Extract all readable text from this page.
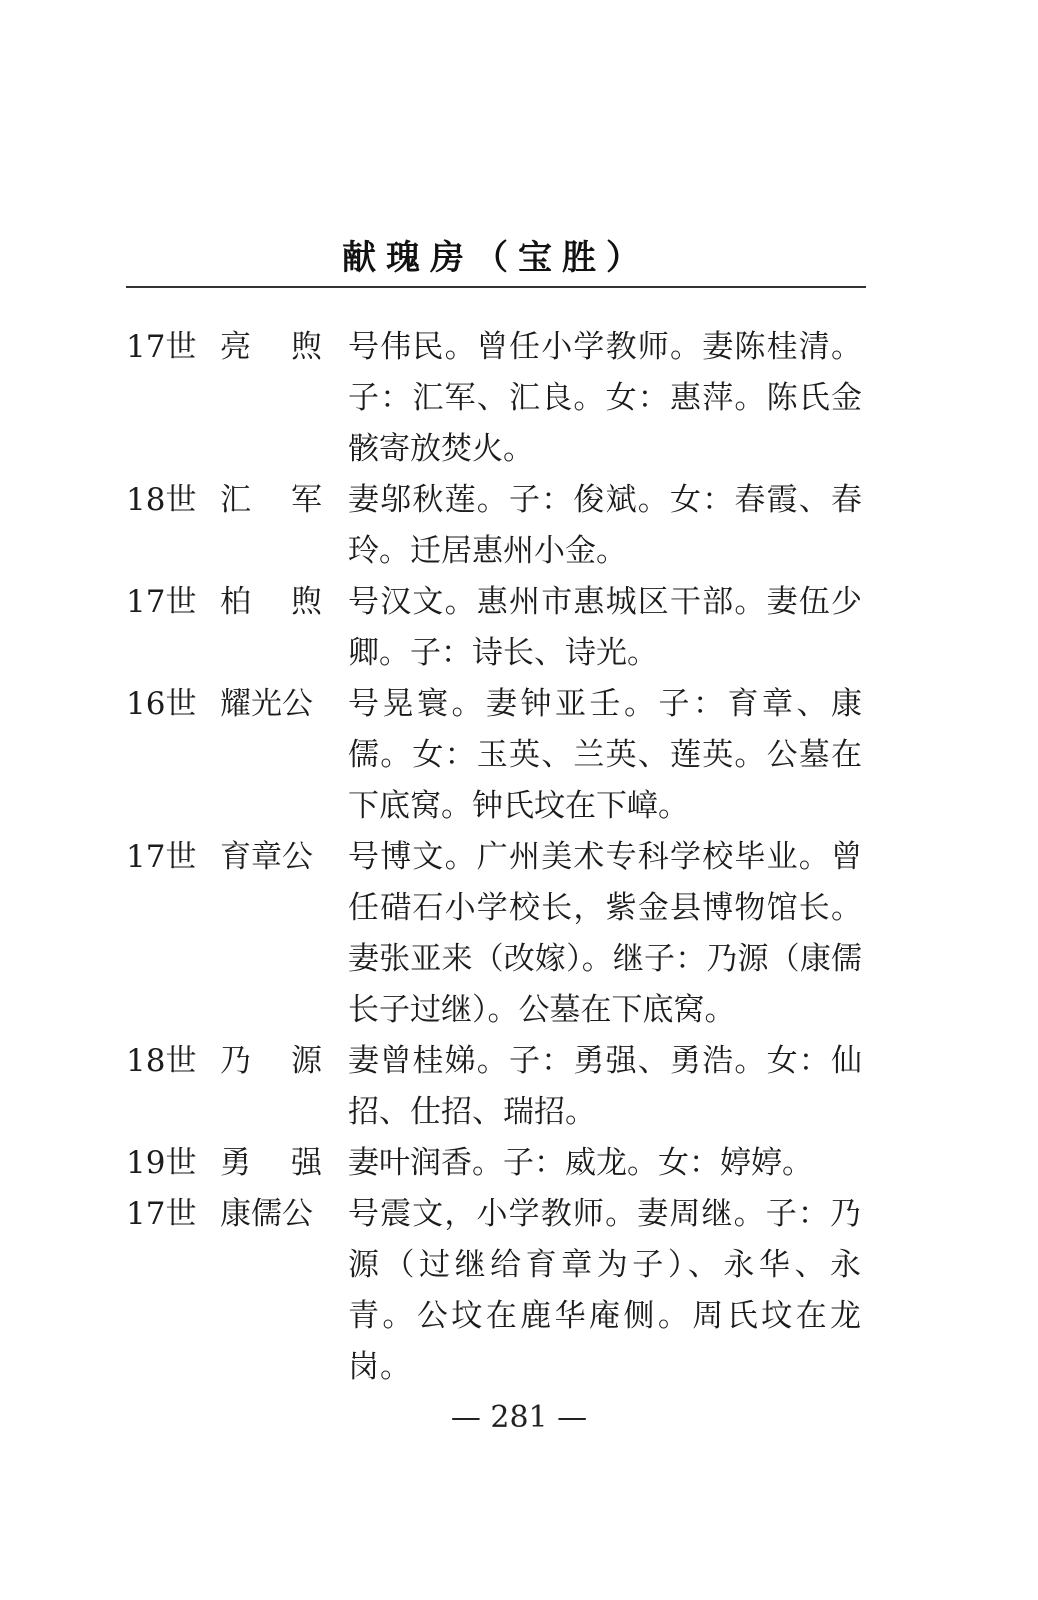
献瑰房（宝胜）
17世 亮　煦 号伟民。曾任小学教师。妻陈桂清。子：汇军、汇良。女：惠萍。陈氏金骸寄放焚火。
18世 汇　军 妻邬秋莲。子：俊斌。女：春霞、春玲。迁居惠州小金。
17世 柏　煦 号汉文。惠州市惠城区干部。妻伍少卿。子：诗长、诗光。
16世 耀光公 号晃寰。妻钟亚壬。子：育章、康儒。女：玉英、兰英、莲英。公墓在下底窝。钟氏坟在下嶂。
17世 育章公 号博文。广州美术专科学校毕业。曾任碏石小学校长，紫金县博物馆长。妻张亚来（改嫁）。继子：乃源（康儒长子过继）。公墓在下底窝。
18世 乃　源 妻曾桂娣。子：勇强、勇浩。女：仙招、仕招、瑞招。
19世 勇　强 妻叶润香。子：威龙。女：婷婷。
17世 康儒公 号震文，小学教师。妻周继。子：乃源（过继给育章为子）、永华、永青。公坟在鹿华庵侧。周氏坟在龙岗。
— 281 —
